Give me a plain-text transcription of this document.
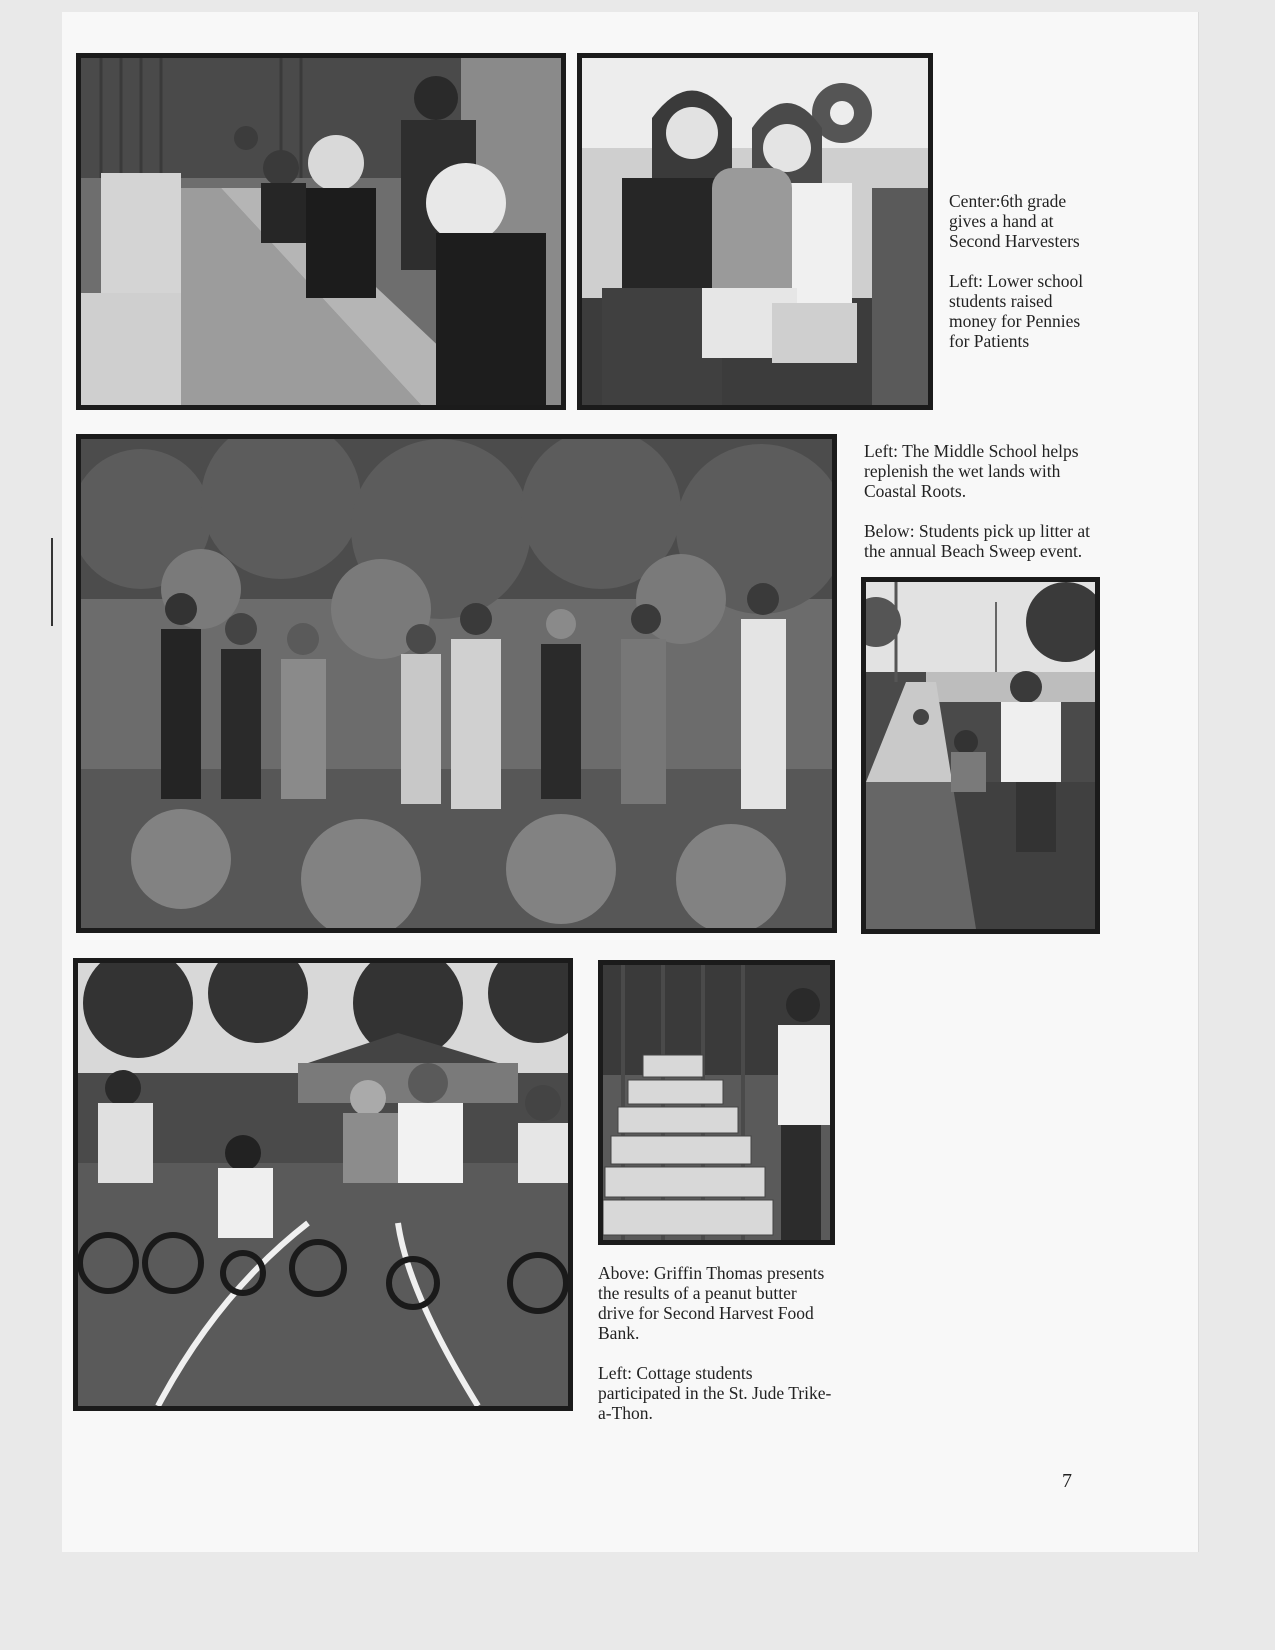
Center:6th grade gives a hand at Second Harvesters

Left: Lower school students raised money for Pennies for Patients

Left: The Middle School helps replenish the wet lands with Coastal Roots.

Below: Students pick up litter at the annual Beach Sweep event.

Above: Griffin Thomas presents the results of a peanut butter drive for Second Harvest Food Bank.

Left: Cottage students participated in the St. Jude Trike-a-Thon.

7
